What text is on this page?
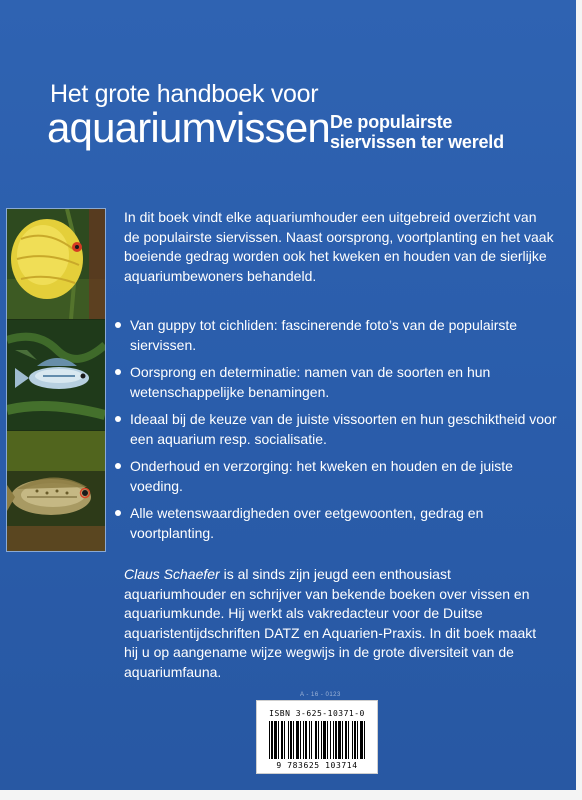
Het grote handboek voor
aquariumvissen De populairste
siervissen ter wereld
In dit boek vindt elke aquariumhouder een uitgebreid overzicht van de populairste siervissen. Naast oorsprong, voortplanting en het vaak boeiende gedrag worden ook het kweken en houden van de sierlijke aquariumbewoners behandeld.
Van guppy tot cichliden: fascinerende foto’s van de populairste siervissen.
Oorsprong en determinatie: namen van de soorten en hun wetenschappelijke benamingen.
Ideaal bij de keuze van de juiste vissoorten en hun geschiktheid voor een aquarium resp. socialisatie.
Onderhoud en verzorging: het kweken en houden en de juiste voeding.
Alle wetenswaardigheden over eetgewoonten, gedrag en voortplanting.
Claus Schaefer is al sinds zijn jeugd een enthousiast aquariumhouder en schrijver van bekende boeken over vissen en aquariumkunde. Hij werkt als vakredacteur voor de Duitse aquaristentijdschriften DATZ en Aquarien-Praxis. In dit boek maakt hij u op aangename wijze wegwijs in de grote diversiteit van de aquariumfauna.
A - 16 - 0123
ISBN 3-625-10371-0
9 783625 103714
